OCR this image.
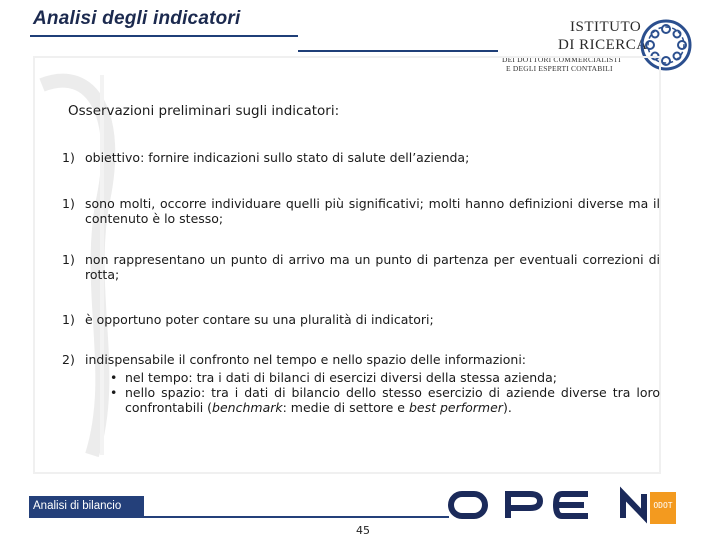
Analisi degli indicatori	ISTITUTO
DI RICERCA
DEI DOTTORI COMMERCIALISTI
E DEGLI ESPERTI CONTABILI
Osservazioni preliminari sugli indicatori:
1) obiettivo: fornire indicazioni sullo stato di salute dell’azienda;
1) sono molti, occorre individuare quelli più significativi; molti hanno definizioni diverse ma il contenuto è lo stesso;
1) non rappresentano un punto di arrivo ma un punto di partenza per eventuali correzioni di rotta;
1) è opportuno poter contare su una pluralità di indicatori;
2) indispensabile il confronto nel tempo e nello spazio delle informazioni:
• nel tempo: tra i dati di bilanci di esercizi diversi della stessa azienda;
• nello spazio: tra i dati di bilancio dello stesso esercizio di aziende diverse tra loro confrontabili (benchmark: medie di settore e best performer).
Analisi di bilancio
45
ODOT
